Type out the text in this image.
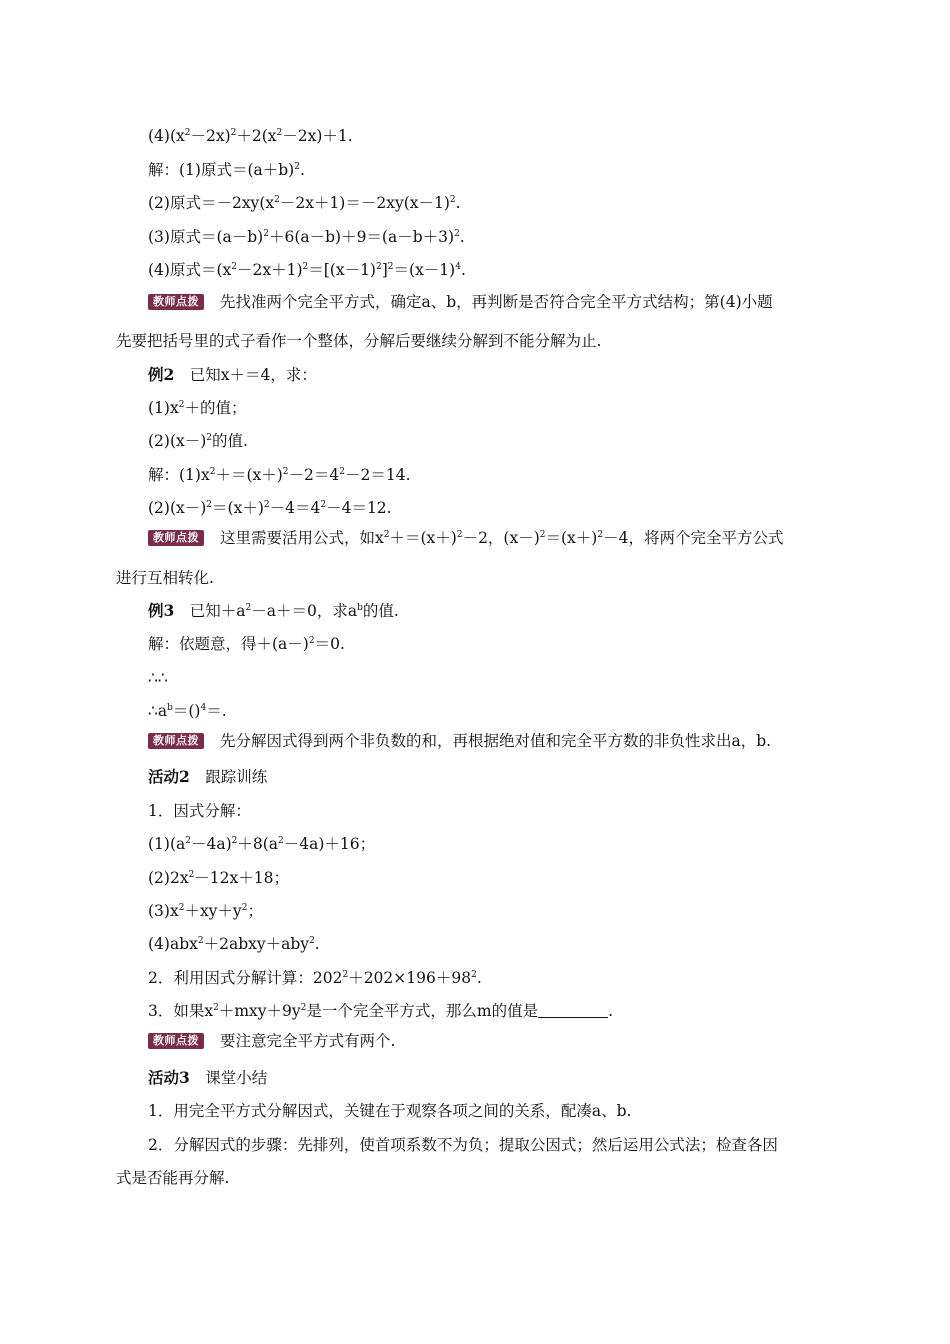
$(4)(x^2-2x)^2+2(x^2-2x)+1$.
解：(1)原式$=(a+b)^2$.
(2)原式$=-2xy(x^2-2x+1)=-2xy(x-1)^2$.
(3)原式$=(a-b)^2+6(a-b)+9=(a-b+3)^2$.
(4)原式$=(x^2-2x+1)^2=[(x-1)^2]^2=(x-1)^4$.
教师点拨 先找准两个完全平方式，确定a、b，再判断是否符合完全平方式结构；第(4)小题
先要把括号里的式子看作一个整体，分解后要继续分解到不能分解为止.
例2　已知x＋＝4，求：
$(1)x^2+$的值；
$(2)(x-)^2$的值.
解：$(1)x^2+=(x+)^2-2=4^2-2=14$.
$(2)(x-)^2=(x+)^2-4=4^2-4=12$.
教师点拨 这里需要活用公式，如$x^2+=(x+)^2-2$，$(x-)^2=(x+)^2-4$，将两个完全平方公式
进行互相转化.
例3　已知$+a^2-a+=0$，求$a^b$的值.
解：依题意，得$+(a-)^2=0$.
∴∴
$\therefore a^b=()^4=$.
教师点拨 先分解因式得到两个非负数的和，再根据绝对值和完全平方数的非负性求出a，b.
活动2　跟踪训练
1．因式分解：
$(1)(a^2-4a)^2+8(a^2-4a)+16$；
$(2)2x^2-12x+18$；
$(3)x^2+xy+y^2$；
(4)abx$^2$＋2abxy＋aby$^2$.
2．利用因式分解计算：$202^2+202\times 196+98^2$.
3．如果$x^2+mxy+9y^2$是一个完全平方式，那么m的值是	.
教师点拨 要注意完全平方式有两个.
活动3　课堂小结
1．用完全平方式分解因式，关键在于观察各项之间的关系，配凑a、b.
2．分解因式的步骤：先排列，使首项系数不为负；提取公因式；然后运用公式法；检查各因
式是否能再分解.
